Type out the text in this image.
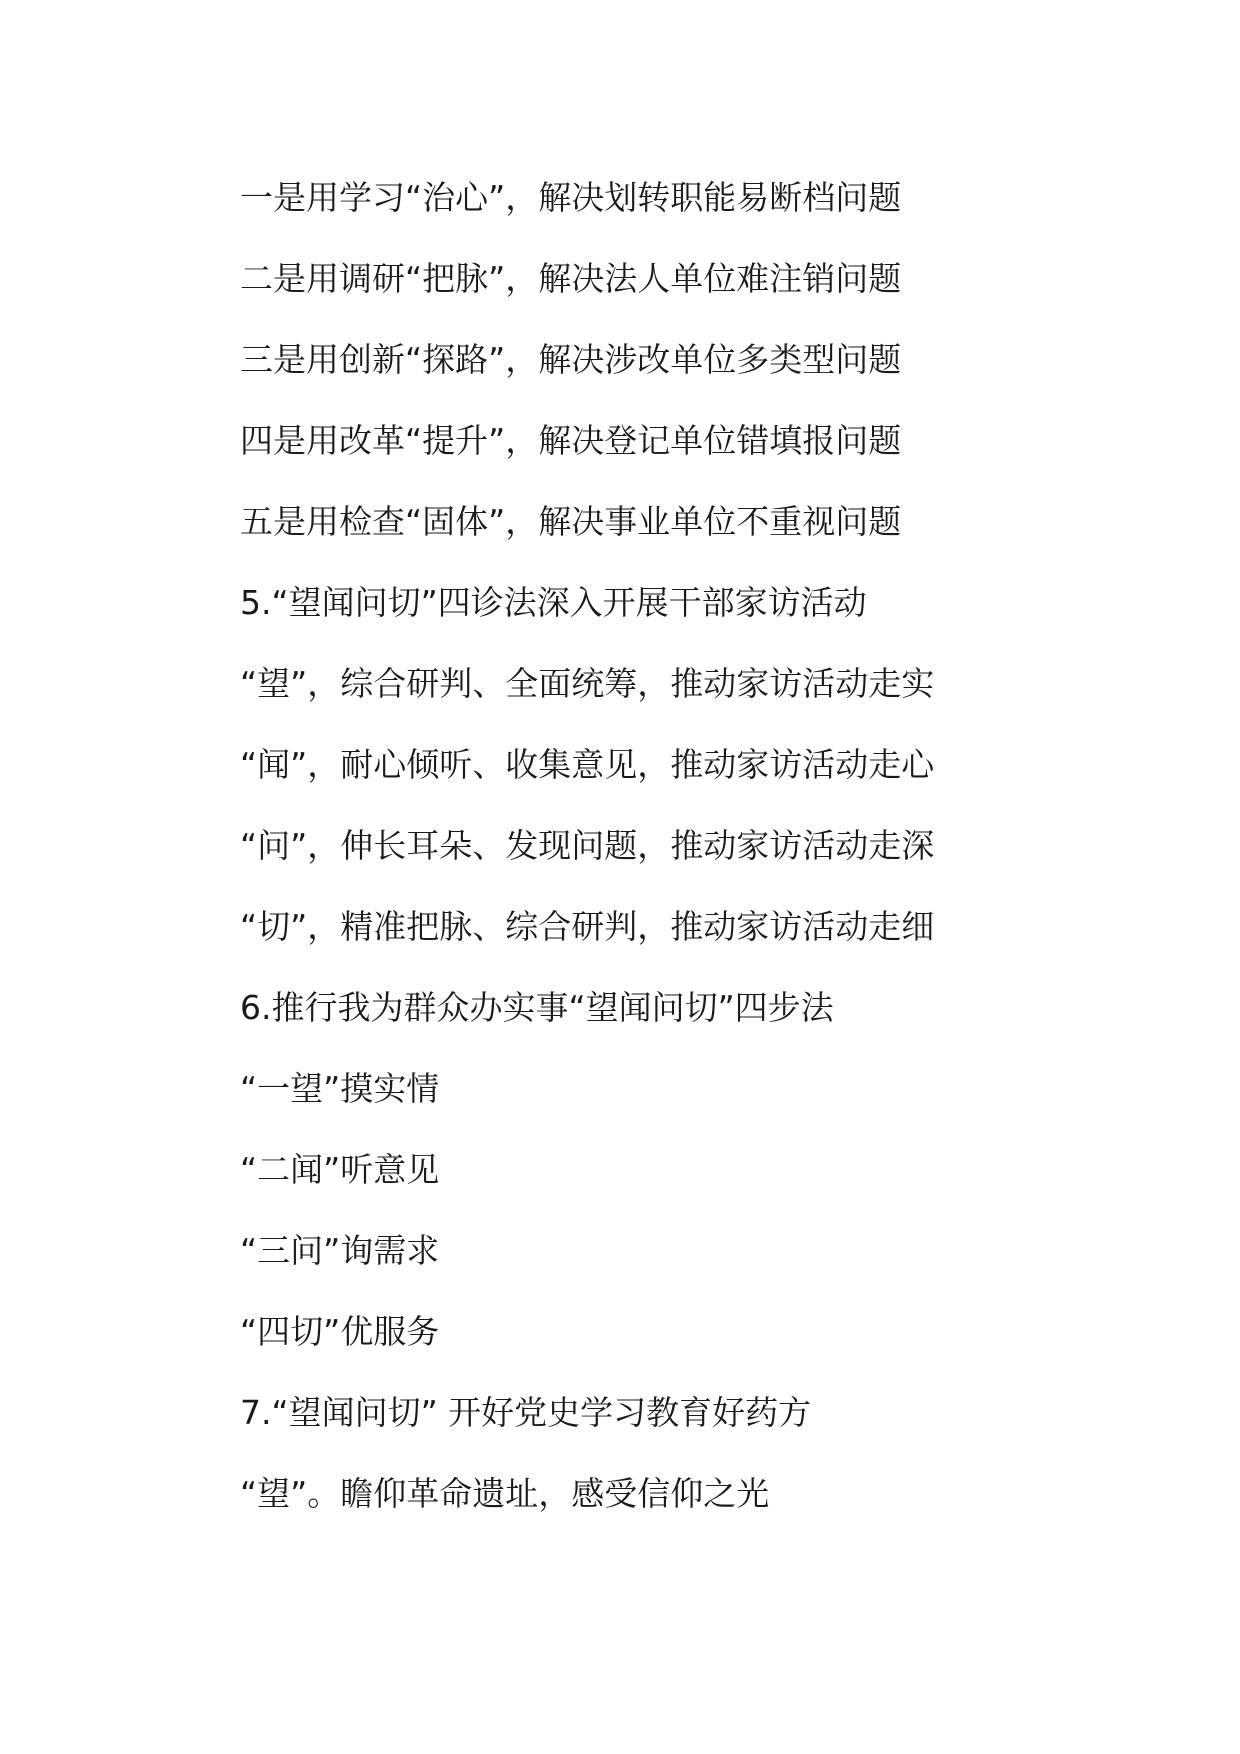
一是用学习“治心”，解决划转职能易断档问题
二是用调研“把脉”，解决法人单位难注销问题
三是用创新“探路”，解决涉改单位多类型问题
四是用改革“提升”，解决登记单位错填报问题
五是用检查“固体”，解决事业单位不重视问题
5.“望闻问切”四诊法深入开展干部家访活动
“望”，综合研判、全面统筹，推动家访活动走实
“闻”，耐心倾听、收集意见，推动家访活动走心
“问”，伸长耳朵、发现问题，推动家访活动走深
“切”，精准把脉、综合研判，推动家访活动走细
6.推行我为群众办实事“望闻问切”四步法
“一望”摸实情
“二闻”听意见
“三问”询需求
“四切”优服务
7.“望闻问切” 开好党史学习教育好药方
“望”。瞻仰革命遗址，感受信仰之光
